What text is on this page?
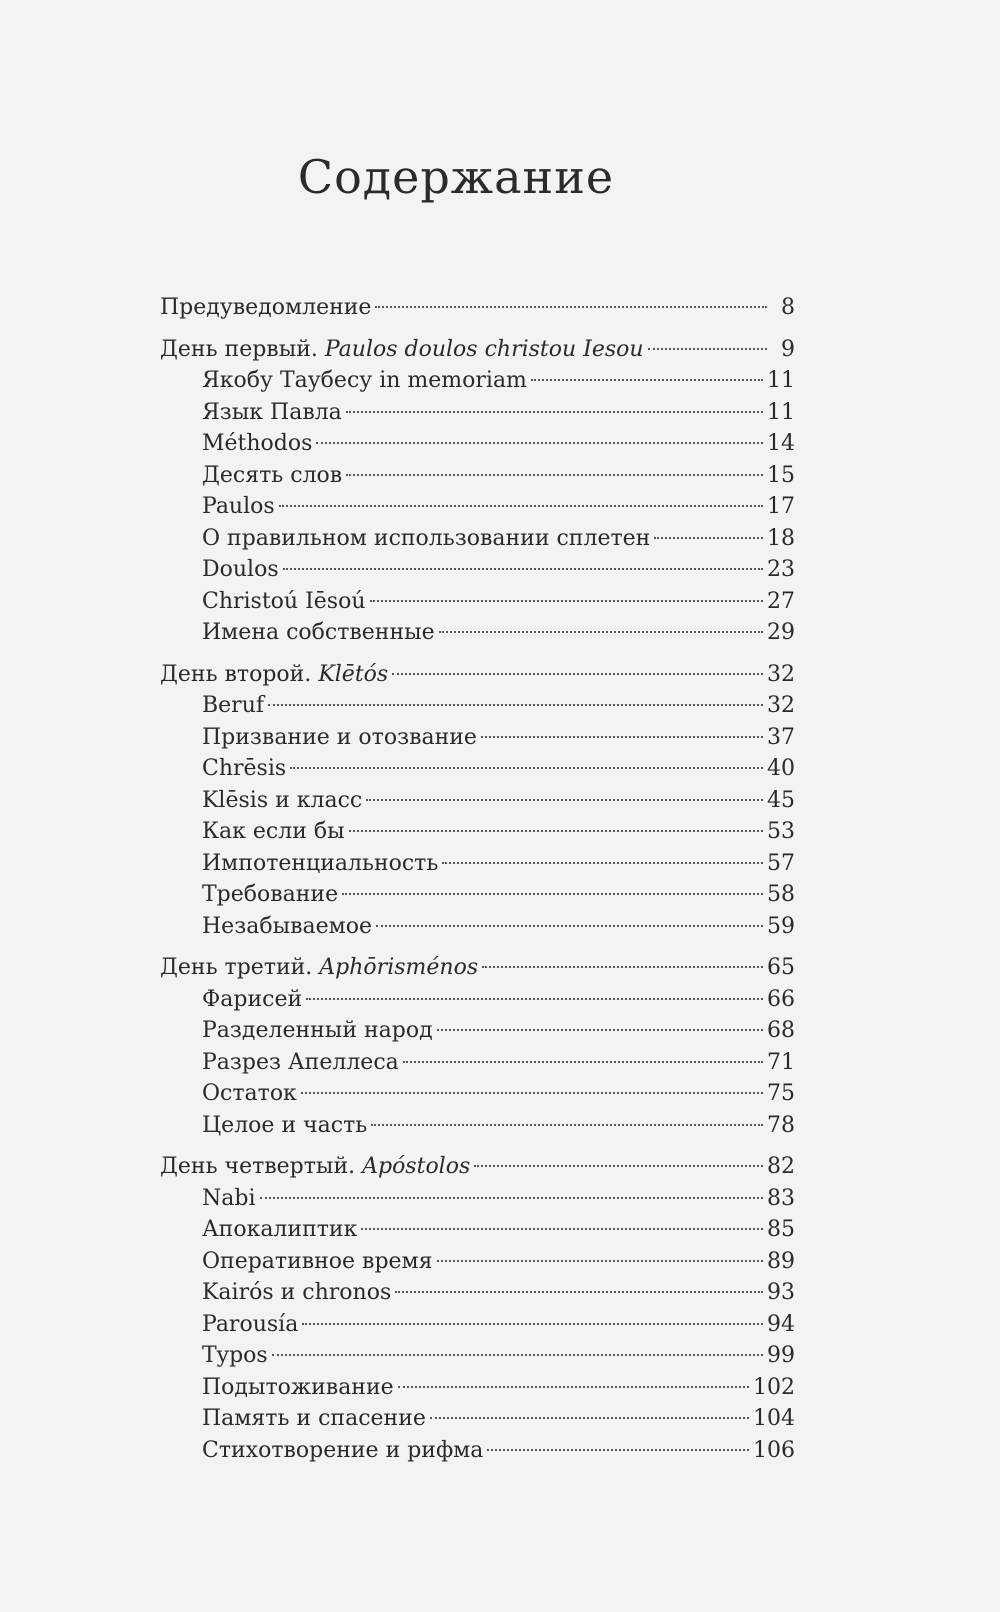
Содержание
Предуведомление	8
День первый. Paulos doulos christou Iesou	9
Якобу Таубесу in memoriam	11
Язык Павла	11
Méthodos	14
Десять слов	15
Paulos	17
О правильном использовании сплетен	18
Doulos	23
Christoú Iēsoú	27
Имена собственные	29
День второй. Klētós	32
Beruf	32
Призвание и отозвание	37
Chrēsis	40
Klēsis и класс	45
Как если бы	53
Импотенциальность	57
Требование	58
Незабываемое	59
День третий. Aphōrisménos	65
Фарисей	66
Разделенный народ	68
Разрез Апеллеса	71
Остаток	75
Целое и часть	78
День четвертый. Apóstolos	82
Nabi	83
Апокалиптик	85
Оперативное время	89
Kairós и chronos	93
Parousía	94
Typos	99
Подытоживание	102
Память и спасение	104
Стихотворение и рифма	106
